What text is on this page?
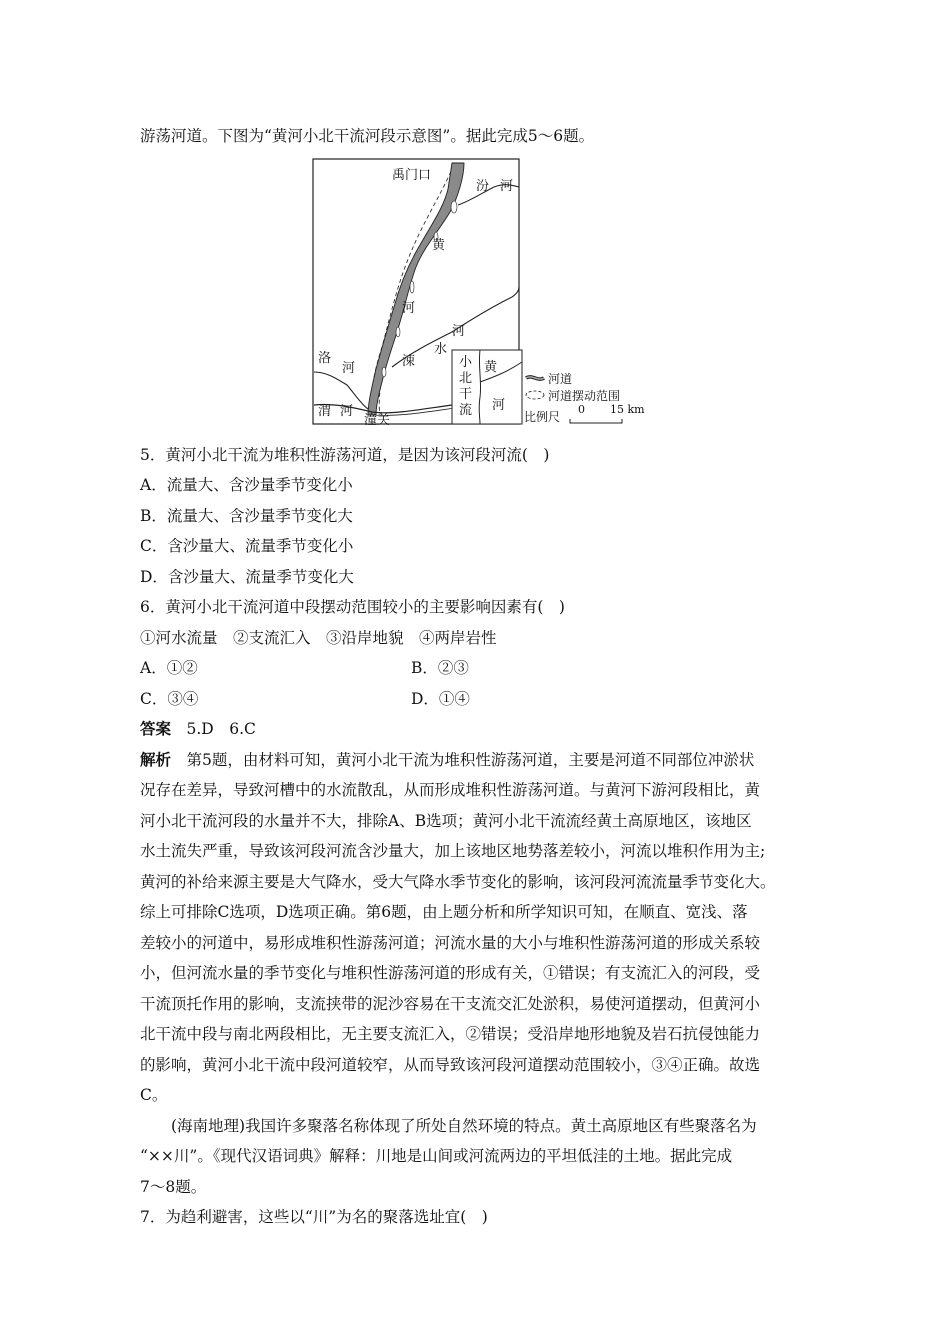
游荡河道。下图为“黄河小北干流河段示意图”。据此完成5～6题。
禹门口
汾 河
黄
河
河
水
涑
洛
河
渭 河
潼关
小
北
干
流
黄
河
河道
河道摆动范围
比例尺
0 15 km
5．黄河小北干流为堆积性游荡河道，是因为该河段河流(　)
A．流量大、含沙量季节变化小
B．流量大、含沙量季节变化大
C．含沙量大、流量季节变化小
D．含沙量大、流量季节变化大
6．黄河小北干流河道中段摆动范围较小的主要影响因素有(　)
①河水流量　②支流汇入　③沿岸地貌　④两岸岩性
A．①②	B．②③
C．③④	D．①④
答案　5.D　6.C
解析　第5题，由材料可知，黄河小北干流为堆积性游荡河道，主要是河道不同部位冲淤状
况存在差异，导致河槽中的水流散乱，从而形成堆积性游荡河道。与黄河下游河段相比，黄
河小北干流河段的水量并不大，排除A、B选项；黄河小北干流流经黄土高原地区，该地区
水土流失严重，导致该河段河流含沙量大，加上该地区地势落差较小，河流以堆积作用为主;
黄河的补给来源主要是大气降水，受大气降水季节变化的影响，该河段河流流量季节变化大。
综上可排除C选项，D选项正确。第6题，由上题分析和所学知识可知，在顺直、宽浅、落
差较小的河道中，易形成堆积性游荡河道；河流水量的大小与堆积性游荡河道的形成关系较
小，但河流水量的季节变化与堆积性游荡河道的形成有关，①错误；有支流汇入的河段，受
干流顶托作用的影响，支流挟带的泥沙容易在干支流交汇处淤积，易使河道摆动，但黄河小
北干流中段与南北两段相比，无主要支流汇入，②错误；受沿岸地形地貌及岩石抗侵蚀能力
的影响，黄河小北干流中段河道较窄，从而导致该河段河道摆动范围较小，③④正确。故选
C。
　　(海南地理)我国许多聚落名称体现了所处自然环境的特点。黄土高原地区有些聚落名为
“××川”。《现代汉语词典》解释：川地是山间或河流两边的平坦低洼的土地。据此完成
7～8题。
7．为趋利避害，这些以“川”为名的聚落选址宜(　)
